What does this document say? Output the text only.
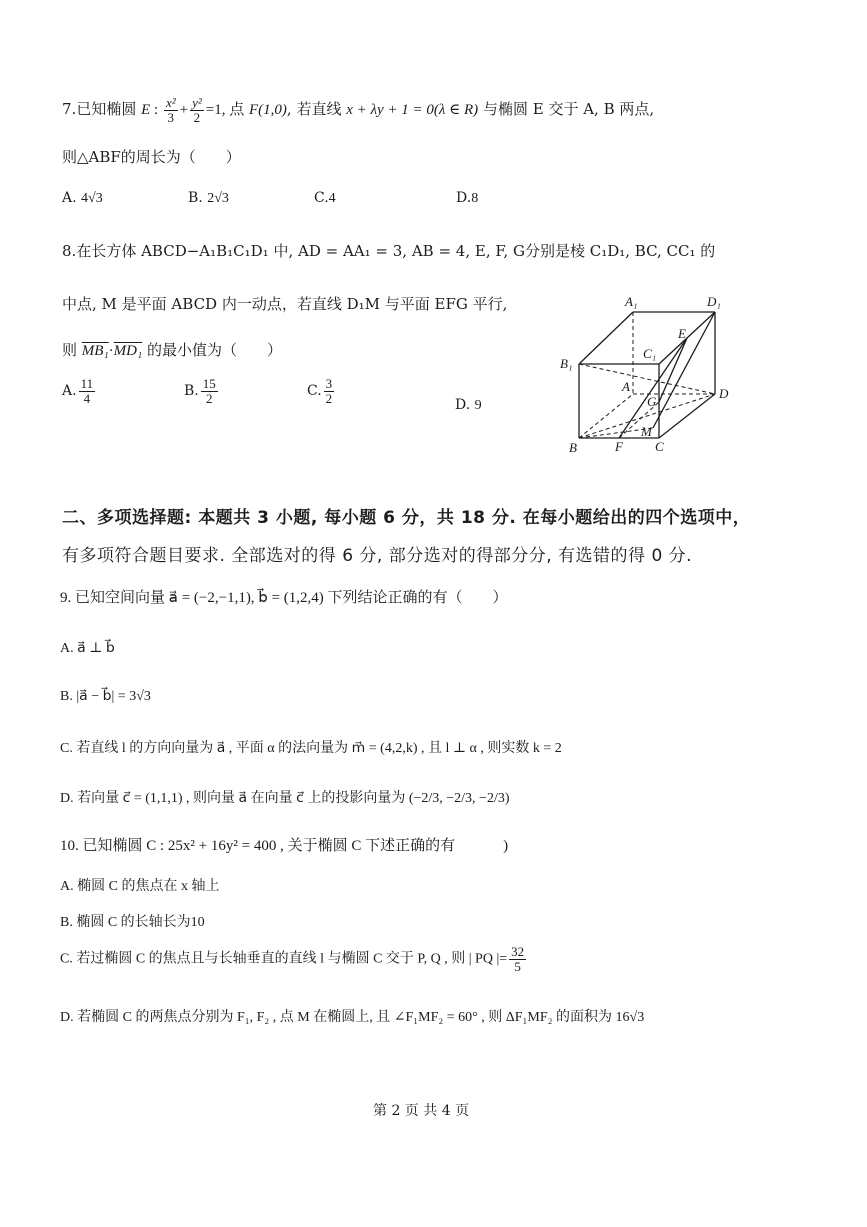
7.已知椭圆 E : $\frac{\text{x²}}{3} + \frac{\text{y²}}{2} =1$, 点 F(1,0), 若直线 x + λy + 1 = 0(λ ∈ R) 与椭圆 E 交于 A, B 两点,
则△ABF的周长为（　　）
A. 4√3	B. 2√3	C.4	D.8
8.在长方体 ABCD−A₁B₁C₁D₁ 中, AD = AA₁ = 3, AB = 4, E, F, G分别是棱 C₁D₁, BC, CC₁ 的
中点, M 是平面 ABCD 内一动点，若直线 D₁M 与平面 EFG 平行,
则 MB₁·MD₁ 的最小值为（　　）
A. $\frac{11}{4}$	B. $\frac{15}{2}$	C. $\frac{3}{2}$	D. 9
A₁	D₁
B₁
C₁
E
A
G
D
M
B	F C
二、多项选择题: 本题共 3 小题, 每小题 6 分，共 18 分. 在每小题给出的四个选项中，
有多项符合题目要求. 全部选对的得 6 分, 部分选对的得部分分, 有选错的得 0 分.
9. 已知空间向量 a⃗ = (−2,−1,1), b⃗ = (1,2,4) 下列结论正确的有（　　）
A. a⃗ ⊥ b⃗
B. |a⃗ − b⃗| = 3√3
C. 若直线 l 的方向向量为 a⃗ , 平面 α 的法向量为 m⃗ = (4,2,k) , 且 l ⊥ α , 则实数 k = 2
D. 若向量 c⃗ = (1,1,1) , 则向量 a⃗ 在向量 c⃗ 上的投影向量为 (−2/3, −2/3, −2/3)
10. 已知椭圆 C : 25x² + 16y² = 400 , 关于椭圆 C 下述正确的有	)
A. 椭圆 C 的焦点在 x 轴上
B. 椭圆 C 的长轴长为10
C. 若过椭圆 C 的焦点且与长轴垂直的直线 l 与椭圆 C 交于 P, Q , 则 | PQ |= $\frac{32}{5}$
D. 若椭圆 C 的两焦点分别为 F₁, F₂ , 点 M 在椭圆上, 且 ∠F₁MF₂ = 60° , 则 ΔF₁MF₂ 的面积为 16√3
第 2 页 共 4 页
